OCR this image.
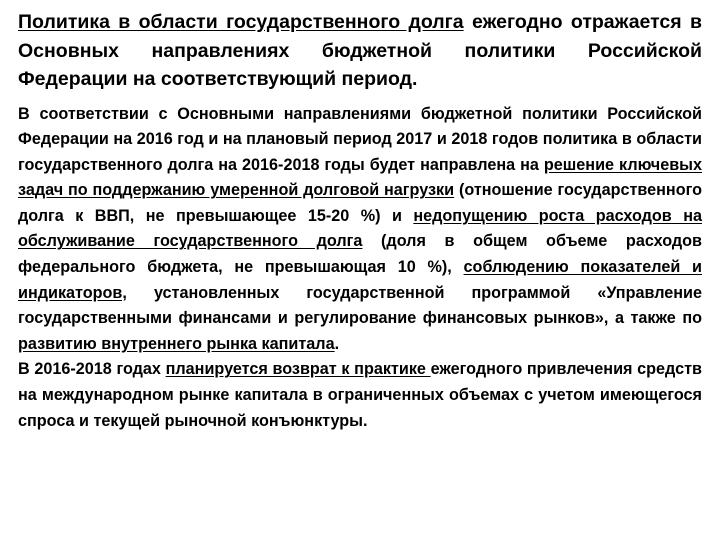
Политика в области государственного долга ежегодно отражается в Основных направлениях бюджетной политики Российской Федерации на соответствующий период.

В соответствии с Основными направлениями бюджетной политики Российской Федерации на 2016 год и на плановый период 2017 и 2018 годов политика в области государственного долга на 2016-2018 годы будет направлена на решение ключевых задач по поддержанию умеренной долговой нагрузки (отношение государственного долга к ВВП, не превышающее 15-20 %) и недопущению роста расходов на обслуживание государственного долга (доля в общем объеме расходов федерального бюджета, не превышающая 10 %), соблюдению показателей и индикаторов, установленных государственной программой «Управление государственными финансами и регулирование финансовых рынков», а также по развитию внутреннего рынка капитала.

В 2016-2018 годах планируется возврат к практике ежегодного привлечения средств на международном рынке капитала в ограниченных объемах с учетом имеющегося спроса и текущей рыночной конъюнктуры.
